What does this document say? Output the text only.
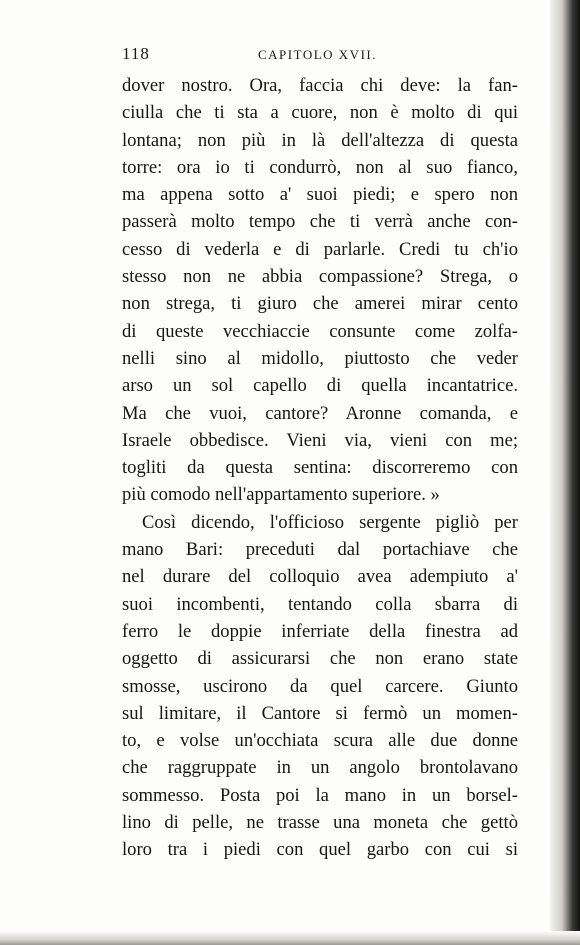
118	CAPITOLO XVII.
dover nostro. Ora, faccia chi deve: la fan-
ciulla che ti sta a cuore, non è molto di qui
lontana; non più in là dell'altezza di questa
torre: ora io ti condurrò, non al suo fianco,
ma appena sotto a' suoi piedi; e spero non
passerà molto tempo che ti verrà anche con-
cesso di vederla e di parlarle. Credi tu ch'io
stesso non ne abbia compassione? Strega, o
non strega, ti giuro che amerei mirar cento
di queste vecchiaccie consunte come zolfa-
nelli sino al midollo, piuttosto che veder
arso un sol capello di quella incantatrice.
Ma che vuoi, cantore? Aronne comanda, e
Israele obbedisce. Vieni via, vieni con me;
togliti da questa sentina: discorreremo con
più comodo nell'appartamento superiore. »
Così dicendo, l'officioso sergente pigliò per
mano Bari: preceduti dal portachiave che
nel durare del colloquio avea adempiuto a'
suoi incombenti, tentando colla sbarra di
ferro le doppie inferriate della finestra ad
oggetto di assicurarsi che non erano state
smosse, uscirono da quel carcere. Giunto
sul limitare, il Cantore si fermò un momen-
to, e volse un'occhiata scura alle due donne
che raggruppate in un angolo brontolavano
sommesso. Posta poi la mano in un borsel-
lino di pelle, ne trasse una moneta che gettò
loro tra i piedi con quel garbo con cui si
